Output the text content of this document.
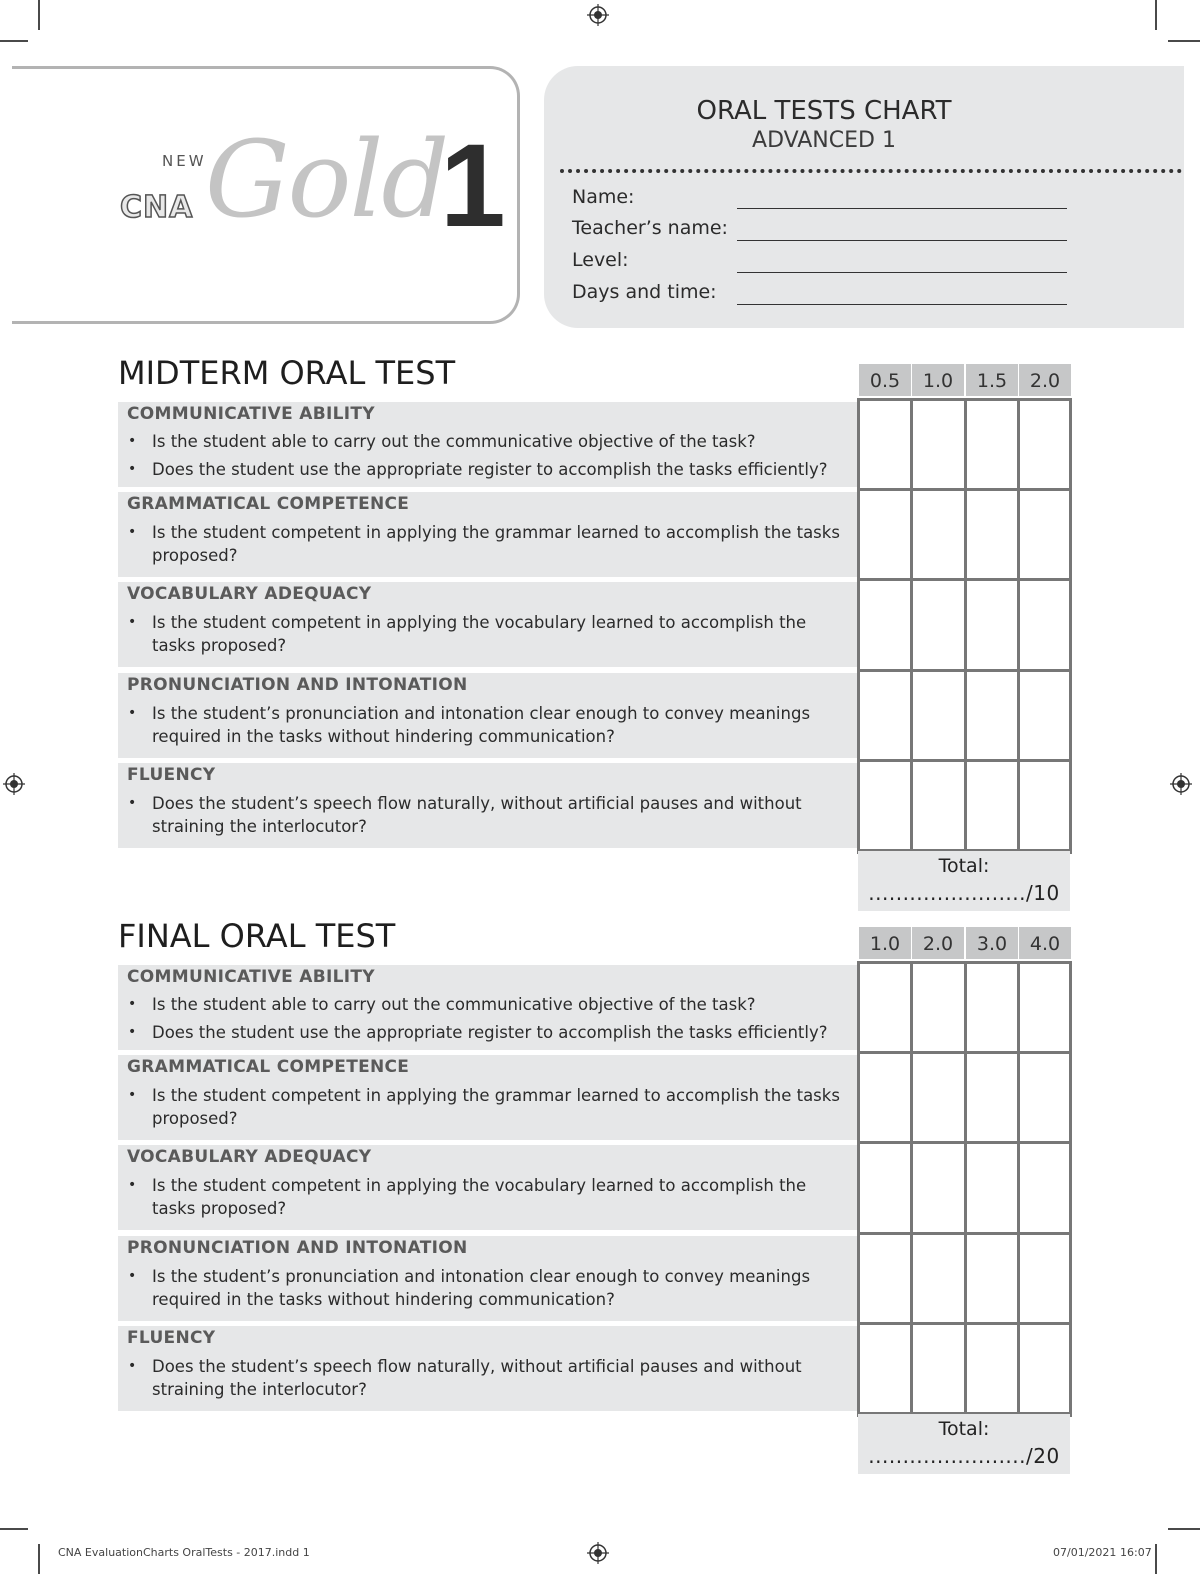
NEW
CNA Gold
1
ORAL TESTS CHART
ADVANCED 1
Name:
Teacher’s name:
Level:
Days and time:
MIDTERM ORAL TEST	0.5	1.0	1.5	2.0
COMMUNICATIVE ABILITY
• Is the student able to carry out the communicative objective of the task?
• Does the student use the appropriate register to accomplish the tasks efficiently?
GRAMMATICAL COMPETENCE
• Is the student competent in applying the grammar learned to accomplish the tasks proposed?
VOCABULARY ADEQUACY
• Is the student competent in applying the vocabulary learned to accomplish the tasks proposed?
PRONUNCIATION AND INTONATION
• Is the student’s pronunciation and intonation clear enough to convey meanings required in the tasks without hindering communication?
FLUENCY
• Does the student’s speech flow naturally, without artificial pauses and without straining the interlocutor?
Total:
......................./10
FINAL ORAL TEST	1.0	2.0	3.0	4.0
COMMUNICATIVE ABILITY
• Is the student able to carry out the communicative objective of the task?
• Does the student use the appropriate register to accomplish the tasks efficiently?
GRAMMATICAL COMPETENCE
• Is the student competent in applying the grammar learned to accomplish the tasks proposed?
VOCABULARY ADEQUACY
• Is the student competent in applying the vocabulary learned to accomplish the tasks proposed?
PRONUNCIATION AND INTONATION
• Is the student’s pronunciation and intonation clear enough to convey meanings required in the tasks without hindering communication?
FLUENCY
• Does the student’s speech flow naturally, without artificial pauses and without straining the interlocutor?
Total:
......................./20
CNA EvaluationCharts OralTests - 2017.indd 1	07/01/2021 16:07
